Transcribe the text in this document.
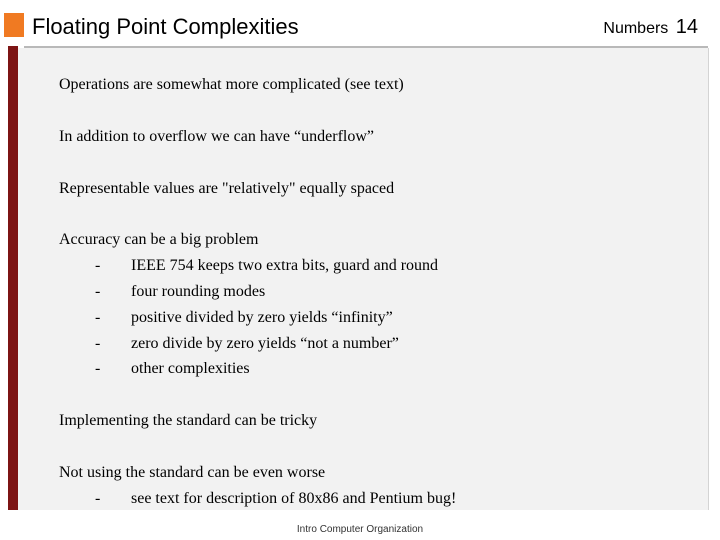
Floating Point Complexities	Numbers 14
Operations are somewhat more complicated (see text)
In addition to overflow we can have “underflow”
Representable values are "relatively" equally spaced
Accuracy can be a big problem
- IEEE 754 keeps two extra bits, guard and round
- four rounding modes
- positive divided by zero yields “infinity”
- zero divide by zero yields “not a number”
- other complexities
Implementing the standard can be tricky
Not using the standard can be even worse
- see text for description of 80x86 and Pentium bug!
Intro Computer Organization
